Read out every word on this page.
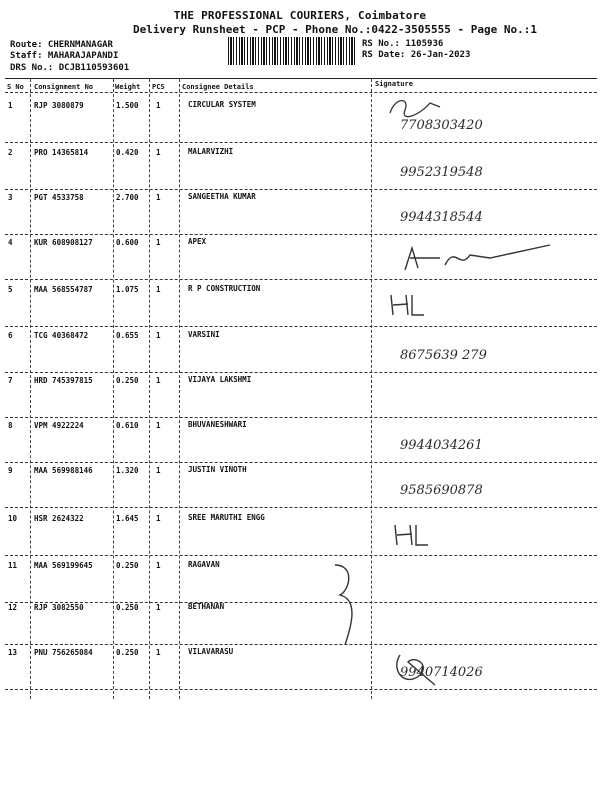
THE PROFESSIONAL COURIERS, Coimbatore
Delivery Runsheet - PCP - Phone No.:0422-3505555 - Page No.:1
Route: CHERNMANAGAR
Staff: MAHARAJAPANDI
DRS No.: DCJB110593601
RS No.: 1105936
RS Date: 26-Jan-2023
S No Consignment No	Weight PCS Consignee Details	Signature
1	RJP 3080879	1.500 1	CIRCULAR SYSTEM
7708303420
2	PRO 14365814	0.420 1	MALARVIZHI
9952319548
3	PGT 4533758	2.700 1	SANGEETHA KUMAR
9944318544
4	KUR 608908127	0.600 1	APEX
5	MAA 568554787	1.075 1	R P CONSTRUCTION
6	TCG 40368472	0.655 1	VARSINI
8675639 279
7	HRD 745397815	0.250 1	VIJAYA LAKSHMI
8	VPM 4922224	0.610 1	BHUVANESHWARI
9944034261
9	MAA 569988146	1.320 1	JUSTIN VINOTH
9585690878
10 HSR 2624322	1.645 1	SREE MARUTHI ENGG
11 MAA 569199645	0.250 1	RAGAVAN
12 RJP 3082550	0.250 1	BETHANAN
13 PNU 756265084	0.250 1	VILAVARASU
9940714026
